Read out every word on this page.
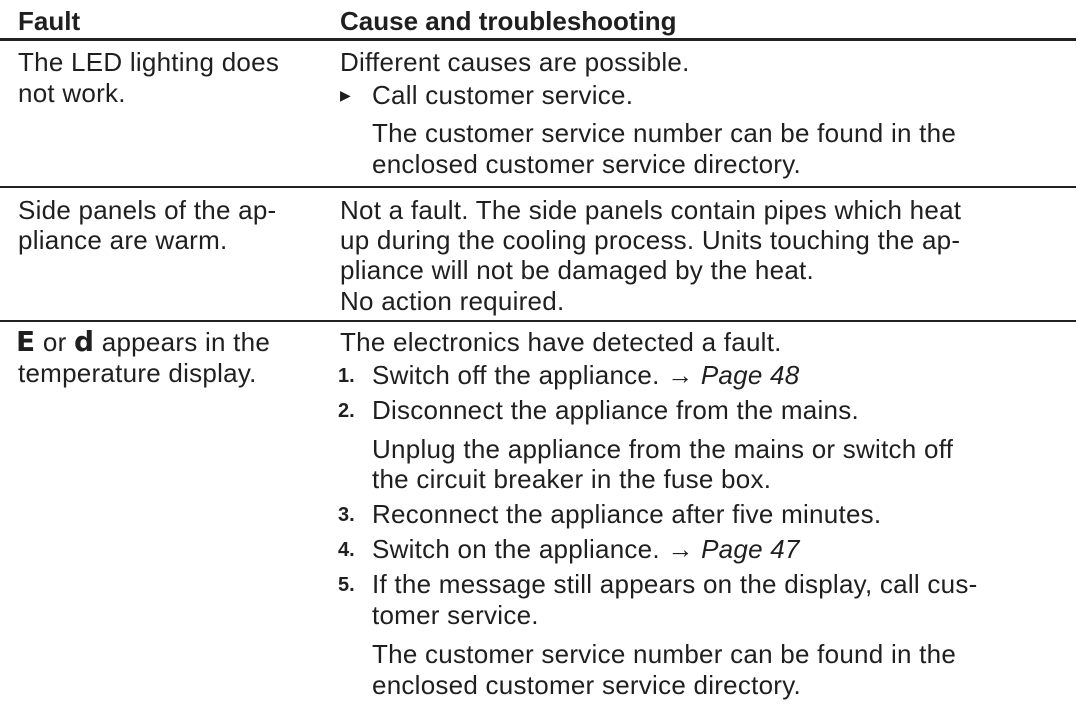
Fault	Cause and troubleshooting
The LED lighting does
not work.
Different causes are possible.
▶ Call customer service.
The customer service number can be found in the
enclosed customer service directory.
Side panels of the ap-
pliance are warm.
Not a fault. The side panels contain pipes which heat
up during the cooling process. Units touching the ap-
pliance will not be damaged by the heat.
No action required.
E or d appears in the
temperature display.
The electronics have detected a fault.
1. Switch off the appliance. → Page 48
2. Disconnect the appliance from the mains.
Unplug the appliance from the mains or switch off
the circuit breaker in the fuse box.
3. Reconnect the appliance after five minutes.
4. Switch on the appliance. → Page 47
5. If the message still appears on the display, call cus-
tomer service.
The customer service number can be found in the
enclosed customer service directory.
